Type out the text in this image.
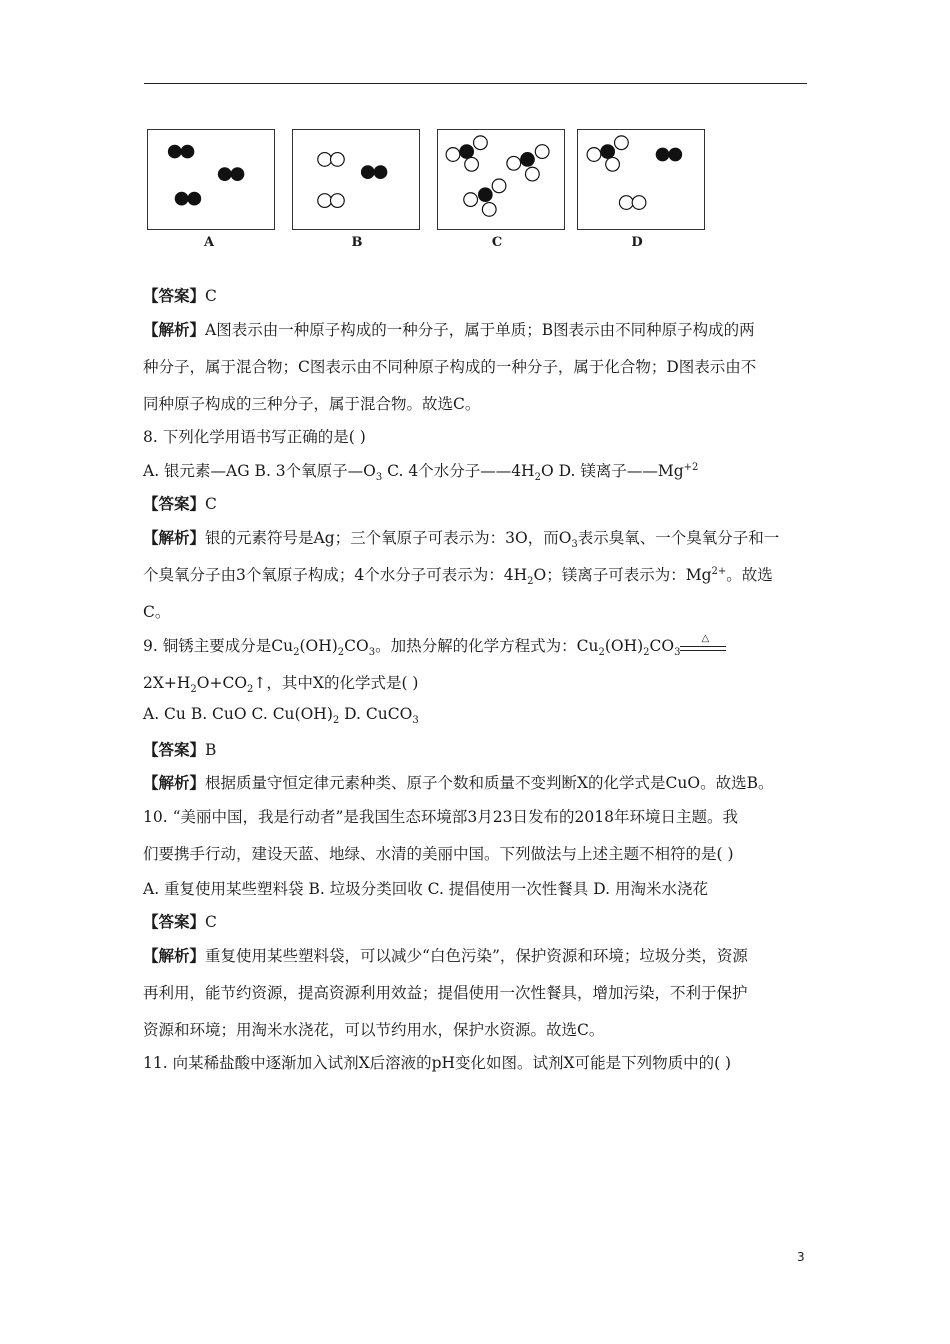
A	B	C	D
【答案】C
【解析】A图表示由一种原子构成的一种分子，属于单质；B图表示由不同种原子构成的两
种分子，属于混合物；C图表示由不同种原子构成的一种分子，属于化合物；D图表示由不
同种原子构成的三种分子，属于混合物。故选C。
8. 下列化学用语书写正确的是( )
A. 银元素—AG B. 3个氧原子$—O_3$ C. 4个水分子$——4H_2O$ D. 镁离子$——Mg^{+2}$
【答案】C
【解析】银的元素符号是Ag；三个氧原子可表示为：3O，而$O_3$表示臭氧、一个臭氧分子和一
个臭氧分子由3个氧原子构成；4个水分子可表示为：$4H_2O$；镁离子可表示为：$Mg^{2+}$。故选
C。
9. 铜锈主要成分是$Cu_2(OH)_2CO_3$。加热分解的化学方程式为：$Cu_2(OH)_2CO_3$
△
$2X+H_2O+CO_2↑$，其中X的化学式是( )
A. Cu B. CuO C. $Cu(OH)_2$ D. CuCO$_3$
【答案】B
【解析】根据质量守恒定律元素种类、原子个数和质量不变判断X的化学式是CuO。故选B。
10. “美丽中国，我是行动者”是我国生态环境部3月23日发布的2018年环境日主题。我
们要携手行动，建设天蓝、地绿、水清的美丽中国。下列做法与上述主题不相符的是( )
A. 重复使用某些塑料袋 B. 垃圾分类回收 C. 提倡使用一次性餐具 D. 用淘米水浇花
【答案】C
【解析】重复使用某些塑料袋，可以减少“白色污染”，保护资源和环境；垃圾分类，资源
再利用，能节约资源，提高资源利用效益；提倡使用一次性餐具，增加污染，不利于保护
资源和环境；用淘米水浇花，可以节约用水，保护水资源。故选C。
11. 向某稀盐酸中逐渐加入试剂X后溶液的pH变化如图。试剂X可能是下列物质中的( )
3
